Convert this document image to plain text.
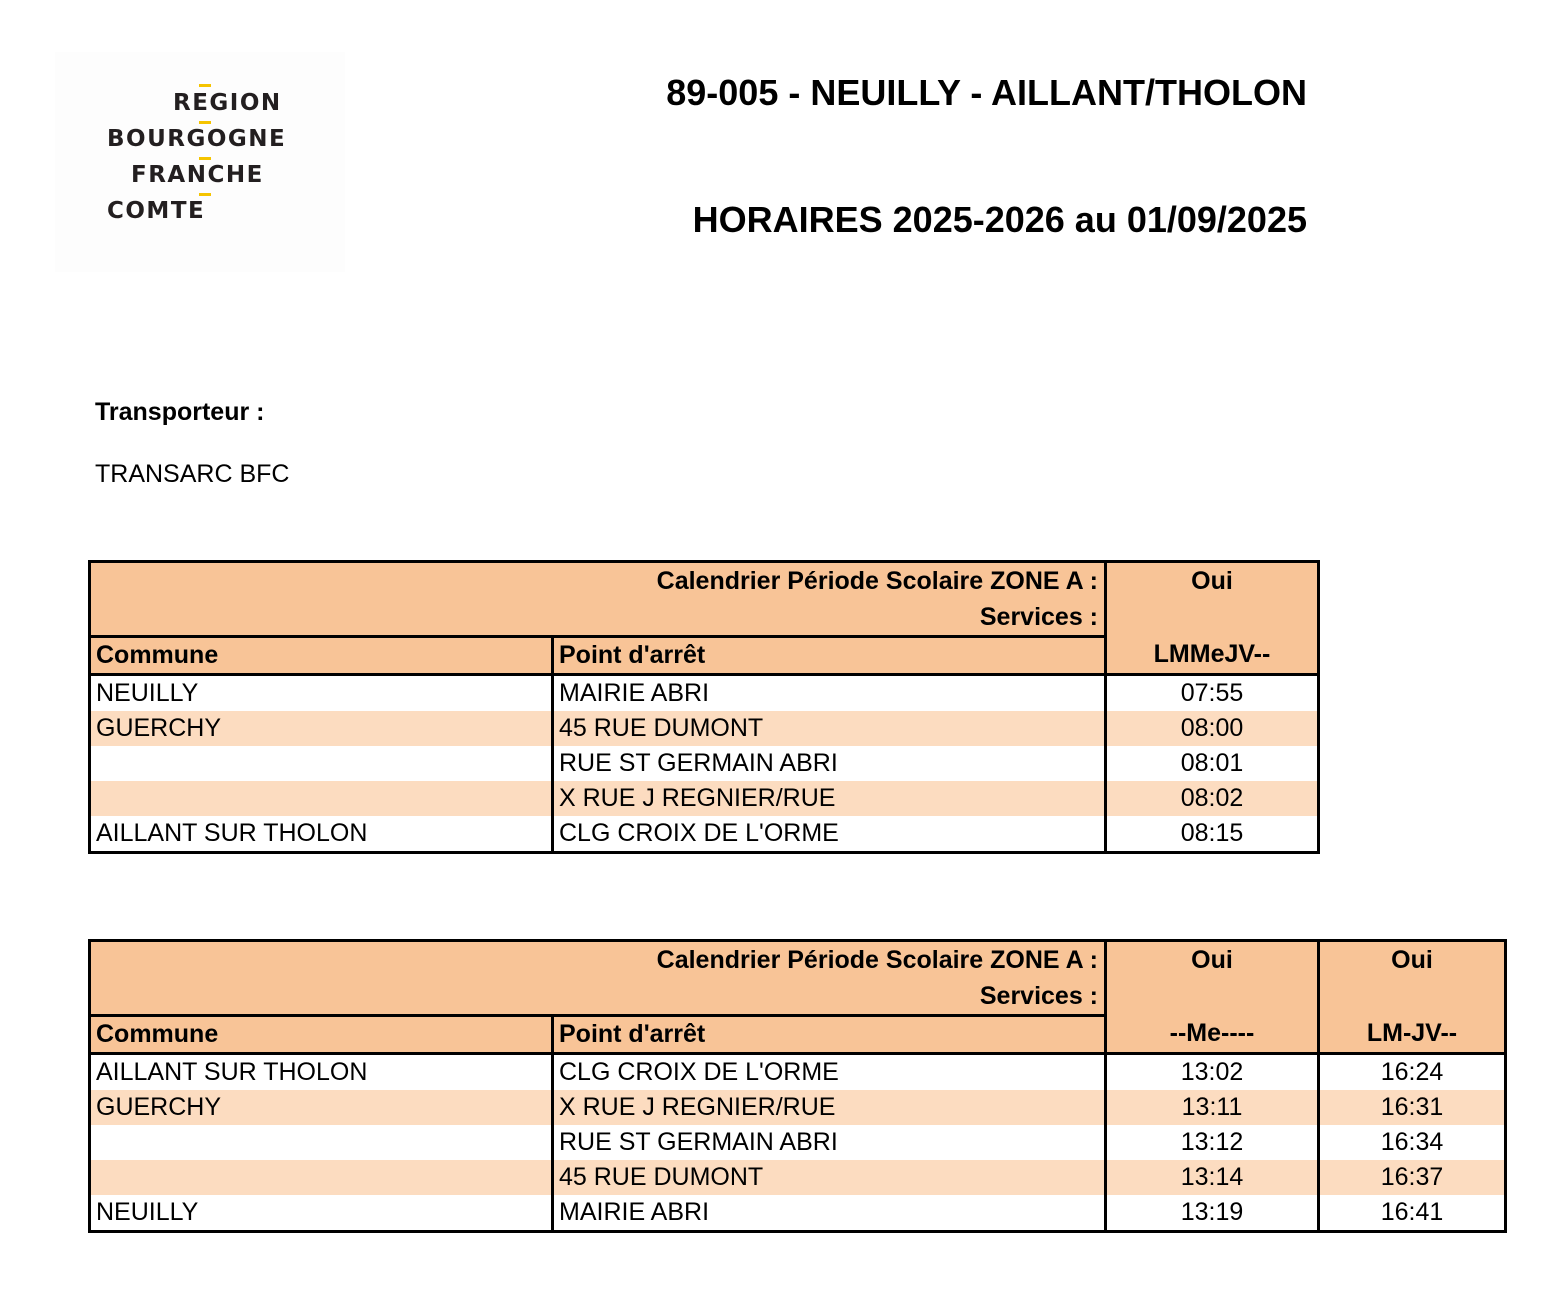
REGION
BOURGOGNE
FRANCHE
COMTE
89-005 - NEUILLY - AILLANT/THOLON
HORAIRES 2025-2026 au 01/09/2025
Transporteur :
TRANSARC BFC
Calendrier Période Scolaire ZONE A :		Oui
Services :		
Commune	Point d'arrêt	LMMeJV--
NEUILLY	MAIRIE ABRI	07:55
GUERCHY	45 RUE DUMONT	08:00
	RUE ST GERMAIN ABRI	08:01
	X RUE J REGNIER/RUE	08:02
AILLANT SUR THOLON	CLG CROIX DE L'ORME	08:15
Calendrier Période Scolaire ZONE A :		Oui	Oui
Services :			
Commune	Point d'arrêt	--Me----	LM-JV--
AILLANT SUR THOLON	CLG CROIX DE L'ORME	13:02	16:24
GUERCHY	X RUE J REGNIER/RUE	13:11	16:31
	RUE ST GERMAIN ABRI	13:12	16:34
	45 RUE DUMONT	13:14	16:37
NEUILLY	MAIRIE ABRI	13:19	16:41
